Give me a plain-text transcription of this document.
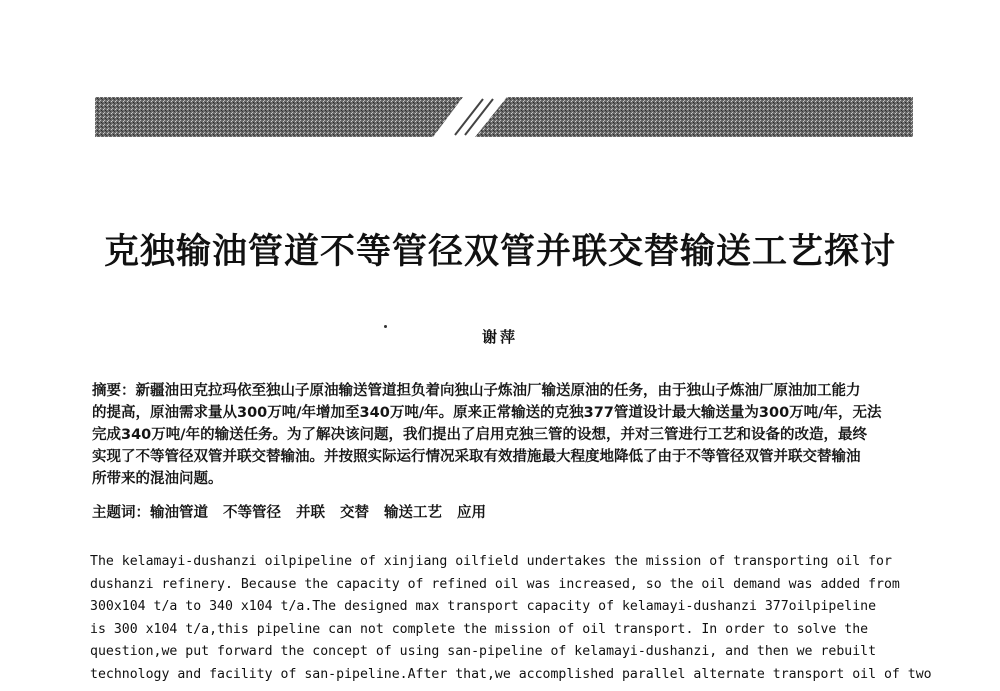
克独输油管道不等管径双管并联交替输送工艺探讨
谢萍

摘要：新疆油田克拉玛依至独山子原油输送管道担负着向独山子炼油厂输送原油的任务，由于独山子炼油厂原油加工能力

的提高，原油需求量从300万吨/年增加至340万吨/年。原来正常输送的克独377管道设计最大输送量为300万吨/年，无法

完成340万吨/年的输送任务。为了解决该问题，我们提出了启用克独三管的设想，并对三管进行工艺和设备的改造，最终

实现了不等管径双管并联交替输油。并按照实际运行情况采取有效措施最大程度地降低了由于不等管径双管并联交替输油

所带来的混油问题。

主题词：输油管道 不等管径 并联 交替 输送工艺 应用

The kelamayi-dushanzi oilpipeline of xinjiang oilfield undertakes the mission of transporting oil for

dushanzi refinery. Because the capacity of refined oil was increased, so the oil demand was added from

300x104 t/a to 340 x104 t/a.The designed max transport capacity of kelamayi-dushanzi 377oilpipeline

is 300 x104 t/a,this pipeline can not complete the mission of oil transport. In order to solve the

question,we put forward the concept of using san-pipeline of kelamayi-dushanzi, and then we rebuilt

technology and facility of san-pipeline.After that,we accomplished parallel alternate transport oil of two
